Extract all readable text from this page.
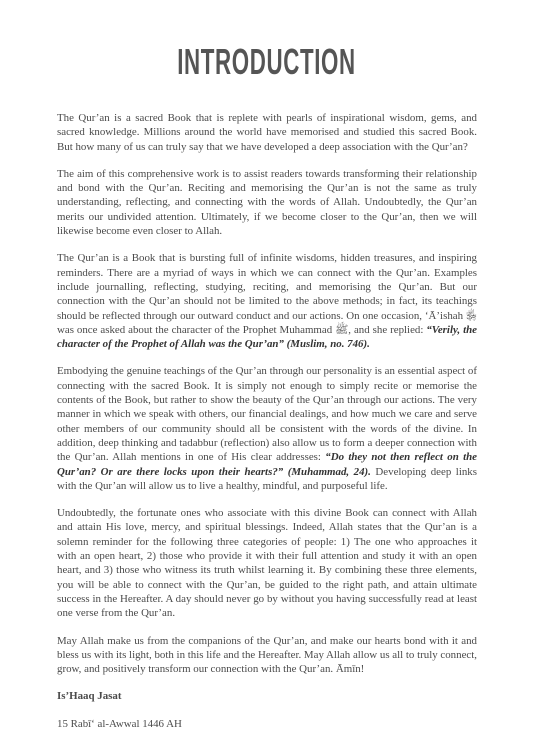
INTRODUCTION

The Qur’an is a sacred Book that is replete with pearls of inspirational wisdom, gems, and sacred knowledge. Millions around the world have memorised and studied this sacred Book. But how many of us can truly say that we have developed a deep association with the Qur’an?

The aim of this comprehensive work is to assist readers towards transforming their relationship and bond with the Qur’an. Reciting and memorising the Qur’an is not the same as truly understanding, reflecting, and connecting with the words of Allah. Undoubtedly, the Qur’an merits our undivided attention. Ultimately, if we become closer to the Qur’an, then we will likewise become even closer to Allah.

The Qur’an is a Book that is bursting full of infinite wisdoms, hidden treasures, and inspiring reminders. There are a myriad of ways in which we can connect with the Qur’an. Examples include journalling, reflecting, studying, reciting, and memorising the Qur’an. But our connection with the Qur’an should not be limited to the above methods; in fact, its teachings should be reflected through our outward conduct and our actions. On one occasion, ‘Ā’ishah ﵂ was once asked about the character of the Prophet Muhammad ﷺ, and she replied: “Verily, the character of the Prophet of Allah was the Qur’an” (Muslim, no. 746).

Embodying the genuine teachings of the Qur’an through our personality is an essential aspect of connecting with the sacred Book. It is simply not enough to simply recite or memorise the contents of the Book, but rather to show the beauty of the Qur’an through our actions. The very manner in which we speak with others, our financial dealings, and how much we care and serve other members of our community should all be consistent with the words of the divine. In addition, deep thinking and tadabbur (reflection) also allow us to form a deeper connection with the Qur’an. Allah mentions in one of His clear addresses: “Do they not then reflect on the Qur’an? Or are there locks upon their hearts?” (Muhammad, 24). Developing deep links with the Qur’an will allow us to live a healthy, mindful, and purposeful life.

Undoubtedly, the fortunate ones who associate with this divine Book can connect with Allah and attain His love, mercy, and spiritual blessings. Indeed, Allah states that the Qur’an is a solemn reminder for the following three categories of people: 1) The one who approaches it with an open heart, 2) those who provide it with their full attention and study it with an open heart, and 3) those who witness its truth whilst learning it. By combining these three elements, you will be able to connect with the Qur’an, be guided to the right path, and attain ultimate success in the Hereafter. A day should never go by without you having successfully read at least one verse from the Qur’an.

May Allah make us from the companions of the Qur’an, and make our hearts bond with it and bless us with its light, both in this life and the Hereafter. May Allah allow us all to truly connect, grow, and positively transform our connection with the Qur’an. Āmīn!

Is’Haaq Jasat
15 Rabī‘ al-Awwal 1446 AH
